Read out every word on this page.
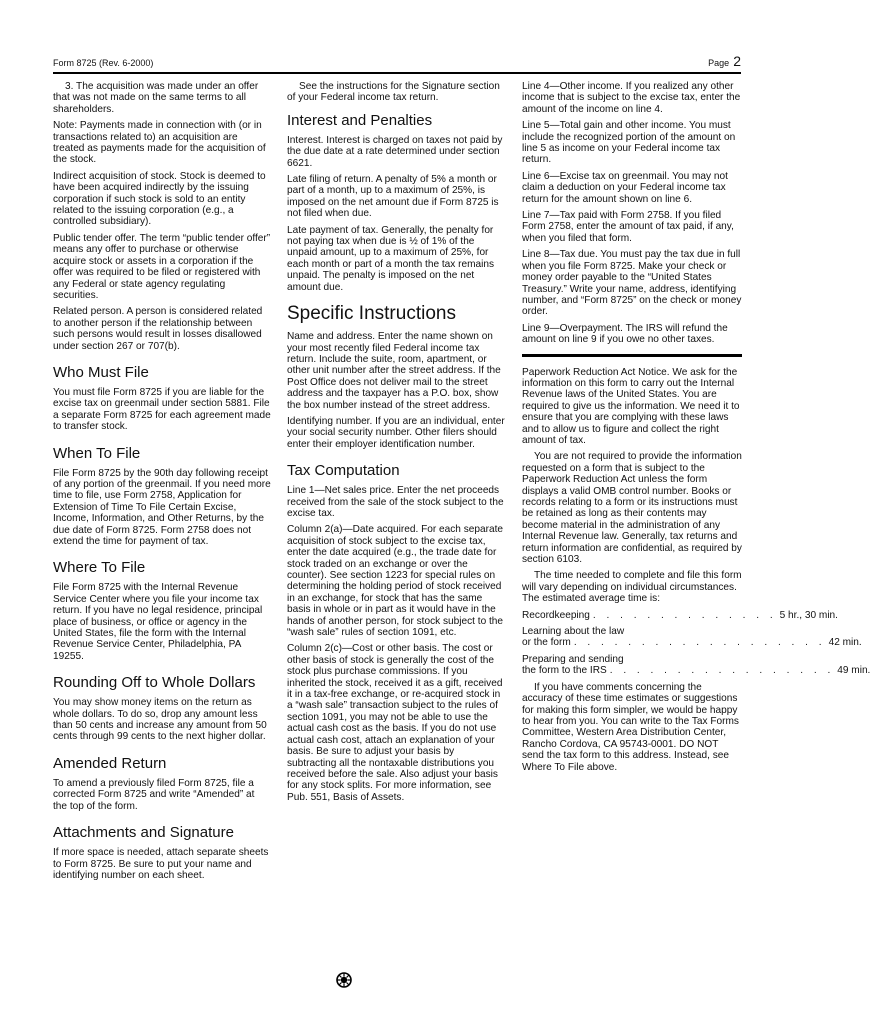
Form 8725 (Rev. 6-2000)	Page 2

3. The acquisition was made under an offer that was not made on the same terms to all shareholders.

Note: Payments made in connection with (or in transactions related to) an acquisition are treated as payments made for the acquisition of the stock.

Indirect acquisition of stock. Stock is deemed to have been acquired indirectly by the issuing corporation if such stock is sold to an entity related to the issuing corporation (e.g., a controlled subsidiary).

Public tender offer. The term “public tender offer” means any offer to purchase or otherwise acquire stock or assets in a corporation if the offer was required to be filed or registered with any Federal or state agency regulating securities.

Related person. A person is considered related to another person if the relationship between such persons would result in losses disallowed under section 267 or 707(b).

Who Must File

You must file Form 8725 if you are liable for the excise tax on greenmail under section 5881. File a separate Form 8725 for each agreement made to transfer stock.

When To File

File Form 8725 by the 90th day following receipt of any portion of the greenmail. If you need more time to file, use Form 2758, Application for Extension of Time To File Certain Excise, Income, Information, and Other Returns, by the due date of Form 8725. Form 2758 does not extend the time for payment of tax.

Where To File

File Form 8725 with the Internal Revenue Service Center where you file your income tax return. If you have no legal residence, principal place of business, or office or agency in the United States, file the form with the Internal Revenue Service Center, Philadelphia, PA 19255.

Rounding Off to Whole Dollars

You may show money items on the return as whole dollars. To do so, drop any amount less than 50 cents and increase any amount from 50 cents through 99 cents to the next higher dollar.

Amended Return

To amend a previously filed Form 8725, file a corrected Form 8725 and write “Amended” at the top of the form.

Attachments and Signature

If more space is needed, attach separate sheets to Form 8725. Be sure to put your name and identifying number on each sheet.

See the instructions for the Signature section of your Federal income tax return.

Interest and Penalties

Interest. Interest is charged on taxes not paid by the due date at a rate determined under section 6621.

Late filing of return. A penalty of 5% a month or part of a month, up to a maximum of 25%, is imposed on the net amount due if Form 8725 is not filed when due.

Late payment of tax. Generally, the penalty for not paying tax when due is ½ of 1% of the unpaid amount, up to a maximum of 25%, for each month or part of a month the tax remains unpaid. The penalty is imposed on the net amount due.

Specific Instructions

Name and address. Enter the name shown on your most recently filed Federal income tax return. Include the suite, room, apartment, or other unit number after the street address. If the Post Office does not deliver mail to the street address and the taxpayer has a P.O. box, show the box number instead of the street address.

Identifying number. If you are an individual, enter your social security number. Other filers should enter their employer identification number.

Tax Computation

Line 1—Net sales price. Enter the net proceeds received from the sale of the stock subject to the excise tax.

Column 2(a)—Date acquired. For each separate acquisition of stock subject to the excise tax, enter the date acquired (e.g., the trade date for stock traded on an exchange or over the counter). See section 1223 for special rules on determining the holding period of stock received in an exchange, for stock that has the same basis in whole or in part as it would have in the hands of another person, for stock subject to the “wash sale” rules of section 1091, etc.

Column 2(c)—Cost or other basis. The cost or other basis of stock is generally the cost of the stock plus purchase commissions. If you inherited the stock, received it as a gift, received it in a tax-free exchange, or re-acquired stock in a “wash sale” transaction subject to the rules of section 1091, you may not be able to use the actual cash cost as the basis. If you do not use actual cash cost, attach an explanation of your basis. Be sure to adjust your basis by subtracting all the nontaxable distributions you received before the sale. Also adjust your basis for any stock splits. For more information, see Pub. 551, Basis of Assets.

Line 4—Other income. If you realized any other income that is subject to the excise tax, enter the amount of the income on line 4.

Line 5—Total gain and other income. You must include the recognized portion of the amount on line 5 as income on your Federal income tax return.

Line 6—Excise tax on greenmail. You may not claim a deduction on your Federal income tax return for the amount shown on line 6.

Line 7—Tax paid with Form 2758. If you filed Form 2758, enter the amount of tax paid, if any, when you filed that form.

Line 8—Tax due. You must pay the tax due in full when you file Form 8725. Make your check or money order payable to the “United States Treasury.” Write your name, address, identifying number, and “Form 8725” on the check or money order.

Line 9—Overpayment. The IRS will refund the amount on line 9 if you owe no other taxes.

Paperwork Reduction Act Notice. We ask for the information on this form to carry out the Internal Revenue laws of the United States. You are required to give us the information. We need it to ensure that you are complying with these laws and to allow us to figure and collect the right amount of tax.

You are not required to provide the information requested on a form that is subject to the Paperwork Reduction Act unless the form displays a valid OMB control number. Books or records relating to a form or its instructions must be retained as long as their contents may become material in the administration of any Internal Revenue law. Generally, tax returns and return information are confidential, as required by section 6103.

The time needed to complete and file this form will vary depending on individual circumstances. The estimated average time is:

Recordkeeping . . . . . . . . . . . . . . 5 hr., 30 min.
Learning about the law
or the form . . . . . . . . . . . . . . . . . . . 42 min.
Preparing and sending
the form to the IRS . . . . . . . . . . . . . . . . . 49 min.

If you have comments concerning the accuracy of these time estimates or suggestions for making this form simpler, we would be happy to hear from you. You can write to the Tax Forms Committee, Western Area Distribution Center, Rancho Cordova, CA 95743-0001. DO NOT send the tax form to this address. Instead, see Where To File above.
